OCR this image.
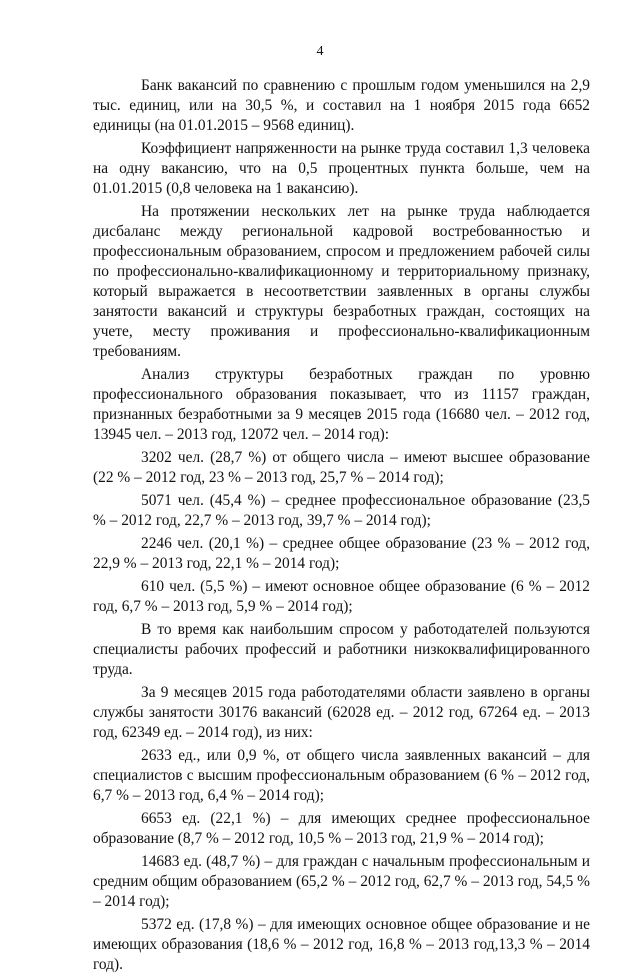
4

Банк вакансий по сравнению с прошлым годом уменьшился на 2,9 тыс. единиц, или на 30,5 %, и составил на 1 ноября 2015 года 6652 единицы (на 01.01.2015 – 9568 единиц).

Коэффициент напряженности на рынке труда составил 1,3 человека на одну вакансию, что на 0,5 процентных пункта больше, чем на 01.01.2015 (0,8 человека на 1 вакансию).

На протяжении нескольких лет на рынке труда наблюдается дисбаланс между региональной кадровой востребованностью и профессиональным образованием, спросом и предложением рабочей силы по профессионально-квалификационному и территориальному признаку, который выражается в несоответствии заявленных в органы службы занятости вакансий и структуры безработных граждан, состоящих на учете, месту проживания и профессионально-квалификационным требованиям.

Анализ структуры безработных граждан по уровню профессионального образования показывает, что из 11157 граждан, признанных безработными за 9 месяцев 2015 года (16680 чел. – 2012 год, 13945 чел. – 2013 год, 12072 чел. – 2014 год):

3202 чел. (28,7 %) от общего числа – имеют высшее образование (22 % – 2012 год, 23 % – 2013 год, 25,7 % – 2014 год);

5071 чел. (45,4 %) – среднее профессиональное образование (23,5 % – 2012 год, 22,7 % – 2013 год, 39,7 % – 2014 год);

2246 чел. (20,1 %) – среднее общее образование (23 % – 2012 год, 22,9 % – 2013 год, 22,1 % – 2014 год);

610 чел. (5,5 %) – имеют основное общее образование (6 % – 2012 год, 6,7 % – 2013 год, 5,9 % – 2014 год);

В то время как наибольшим спросом у работодателей пользуются специалисты рабочих профессий и работники низкоквалифицированного труда.

За 9 месяцев 2015 года работодателями области заявлено в органы службы занятости 30176 вакансий (62028 ед. – 2012 год, 67264 ед. – 2013 год, 62349 ед. – 2014 год), из них:

2633 ед., или 0,9 %, от общего числа заявленных вакансий – для специалистов с высшим профессиональным образованием (6 % – 2012 год, 6,7 % – 2013 год, 6,4 % – 2014 год);

6653 ед. (22,1 %) – для имеющих среднее профессиональное образование (8,7 % – 2012 год, 10,5 % – 2013 год, 21,9 % – 2014 год);

14683 ед. (48,7 %) – для граждан с начальным профессиональным и средним общим образованием (65,2 % – 2012 год, 62,7 % – 2013 год, 54,5 % – 2014 год);

5372 ед. (17,8 %) – для имеющих основное общее образование и не имеющих образования (18,6 % – 2012 год, 16,8 % – 2013 год,13,3 % – 2014 год).
